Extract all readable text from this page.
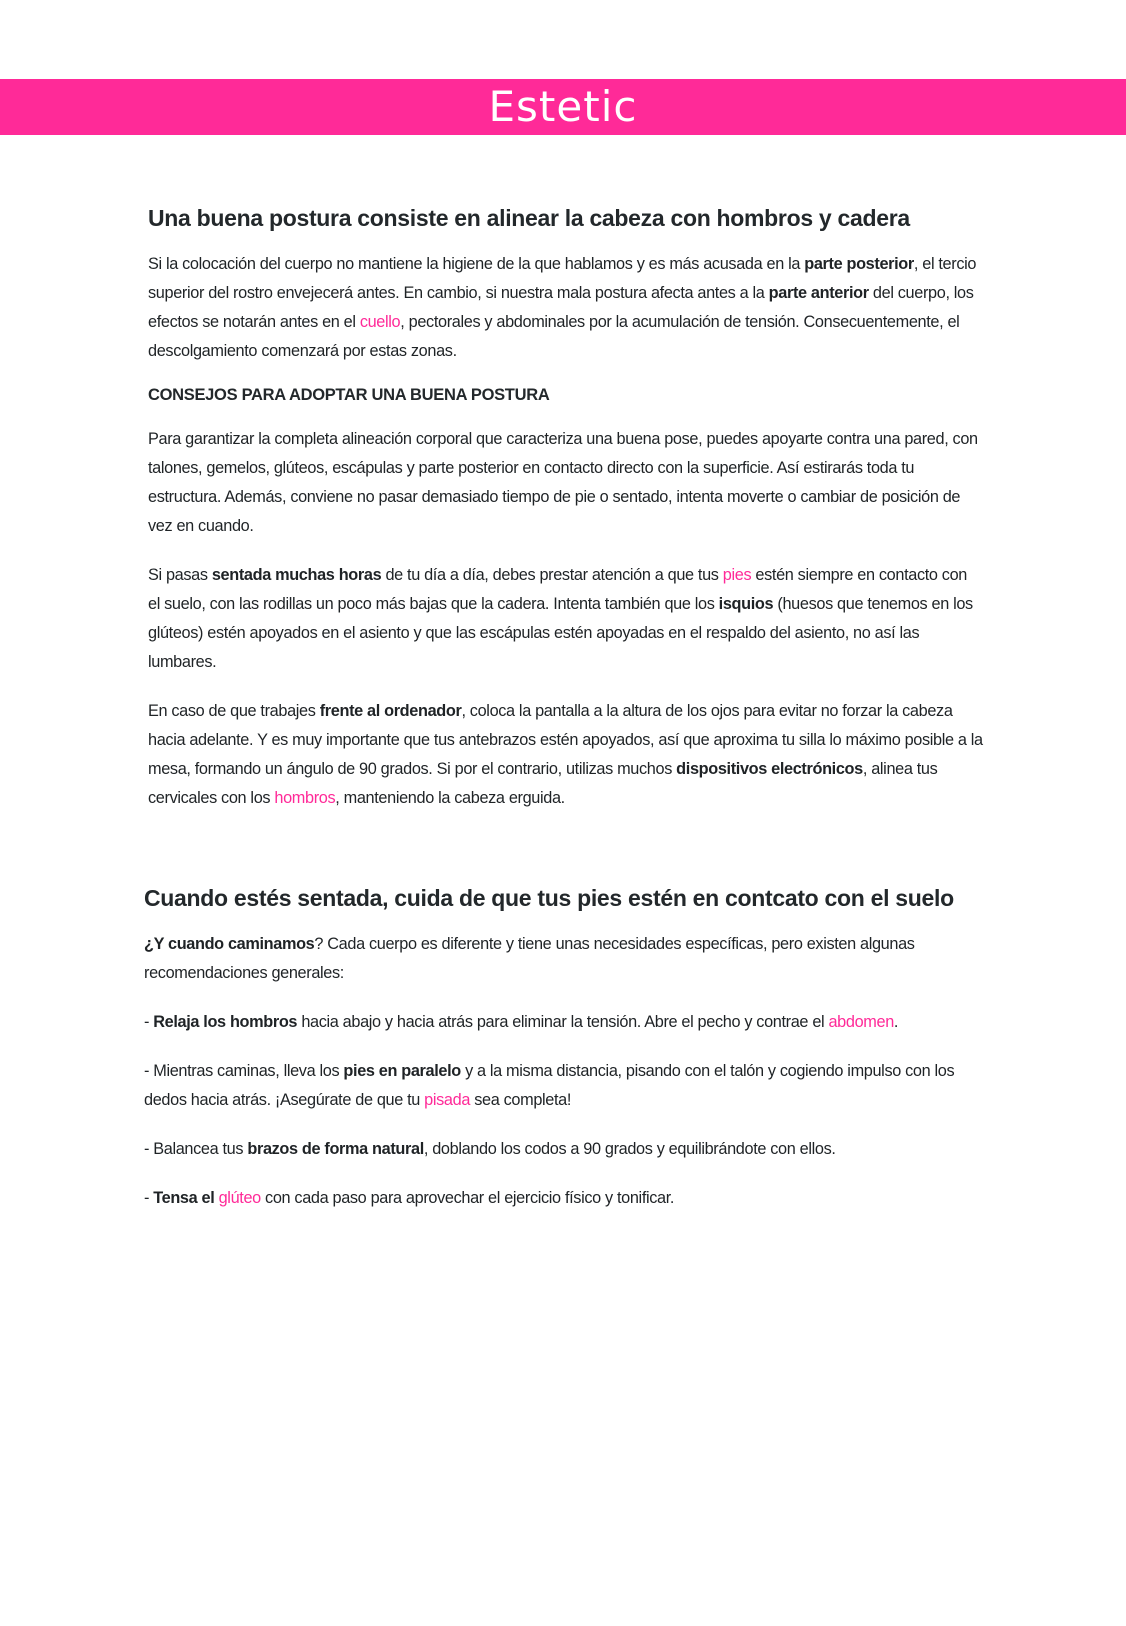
Estetic
Una buena postura consiste en alinear la cabeza con hombros y cadera

Si la colocación del cuerpo no mantiene la higiene de la que hablamos y es más acusada en la parte posterior, el tercio superior del rostro envejecerá antes. En cambio, si nuestra mala postura afecta antes a la parte anterior del cuerpo, los efectos se notarán antes en el cuello, pectorales y abdominales por la acumulación de tensión. Consecuentemente, el descolgamiento comenzará por estas zonas.

CONSEJOS PARA ADOPTAR UNA BUENA POSTURA

Para garantizar la completa alineación corporal que caracteriza una buena pose, puedes apoyarte contra una pared, con talones, gemelos, glúteos, escápulas y parte posterior en contacto directo con la superficie. Así estirarás toda tu estructura. Además, conviene no pasar demasiado tiempo de pie o sentado, intenta moverte o cambiar de posición de vez en cuando.

Si pasas sentada muchas horas de tu día a día, debes prestar atención a que tus pies estén siempre en contacto con el suelo, con las rodillas un poco más bajas que la cadera. Intenta también que los isquios (huesos que tenemos en los glúteos) estén apoyados en el asiento y que las escápulas estén apoyadas en el respaldo del asiento, no así las lumbares.

En caso de que trabajes frente al ordenador, coloca la pantalla a la altura de los ojos para evitar no forzar la cabeza hacia adelante. Y es muy importante que tus antebrazos estén apoyados, así que aproxima tu silla lo máximo posible a la mesa, formando un ángulo de 90 grados. Si por el contrario, utilizas muchos dispositivos electrónicos, alinea tus cervicales con los hombros, manteniendo la cabeza erguida.

Cuando estés sentada, cuida de que tus pies estén en contcato con el suelo

¿Y cuando caminamos? Cada cuerpo es diferente y tiene unas necesidades específicas, pero existen algunas recomendaciones generales:

- Relaja los hombros hacia abajo y hacia atrás para eliminar la tensión. Abre el pecho y contrae el abdomen.

- Mientras caminas, lleva los pies en paralelo y a la misma distancia, pisando con el talón y cogiendo impulso con los dedos hacia atrás. ¡Asegúrate de que tu pisada sea completa!

- Balancea tus brazos de forma natural, doblando los codos a 90 grados y equilibrándote con ellos.

- Tensa el glúteo con cada paso para aprovechar el ejercicio físico y tonificar.
